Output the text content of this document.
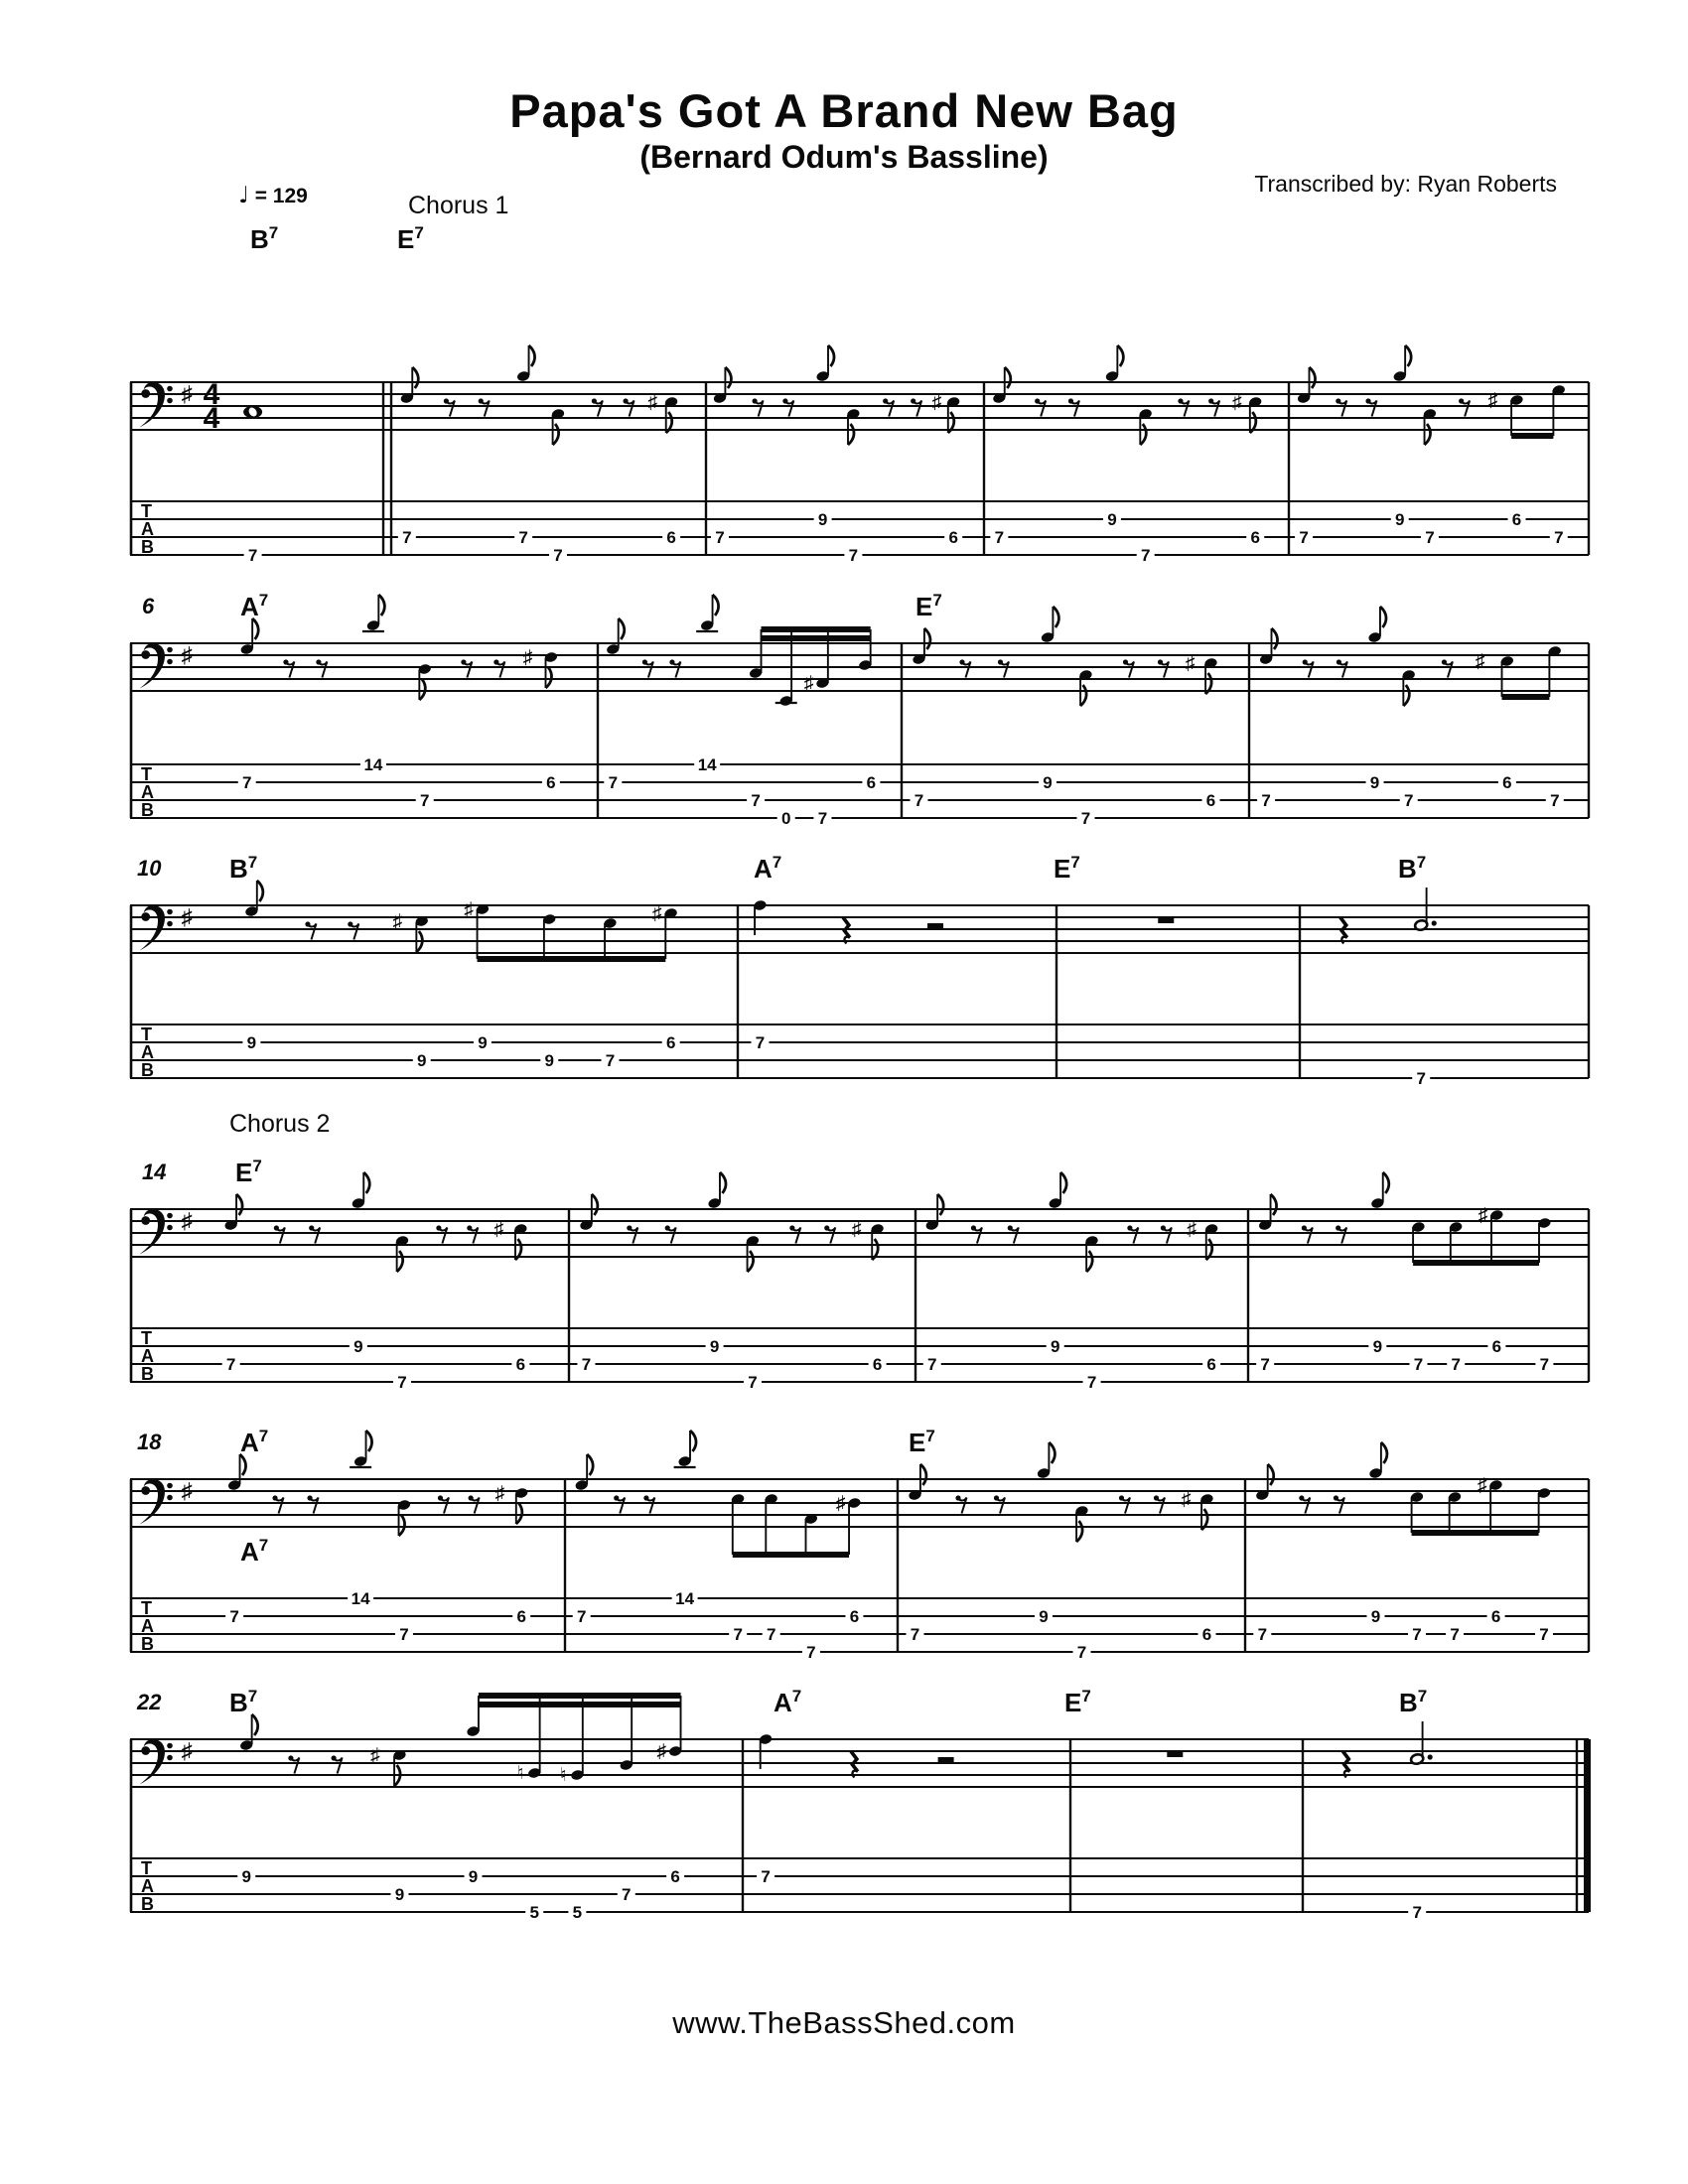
Papa's Got A Brand New Bag
(Bernard Odum's Bassline)
Transcribed by: Ryan Roberts
♩ = 129	Chorus 1
$B^7$	$E^7$
T
A
B
♯ 4
4
7
♯
7	7
7
6
♯
7
9
7
6
♯
7
9
7
6
♯
7
9
7
6
7
6	$A^7$	$E^7$
T
A
B
♯	♯
7
14
7
6
♯
7
14
7
0 7
6
♯
7
9
7
6
♯
7
9
7
6
7
10	$B^7$	$A^7$	$E^7$	$B^7$
T
A
B
♯	♯
♯	♯
9
9
9
9	7
6	7
7
Chorus 2
14	$E^7$
T
A
B
♯	♯
7
9
7
6
♯
7
9
7
6
♯
7
9
7
6
♯
7
9
7 7
6
7
18	$A^7$	$E^7$
$A^7$
T
A
B
♯	♯
7
14
7
6
♯
7
14
7 7
7
6
♯
7
9
7
6
♯
7
9
7 7
6
7
22	$B^7$	$A^7$	$E^7$	$B^7$
T
A
B
♯	♯
♮ ♮
♯
9
9
9
5 5
7
6	7
7
www.TheBassShed.com
